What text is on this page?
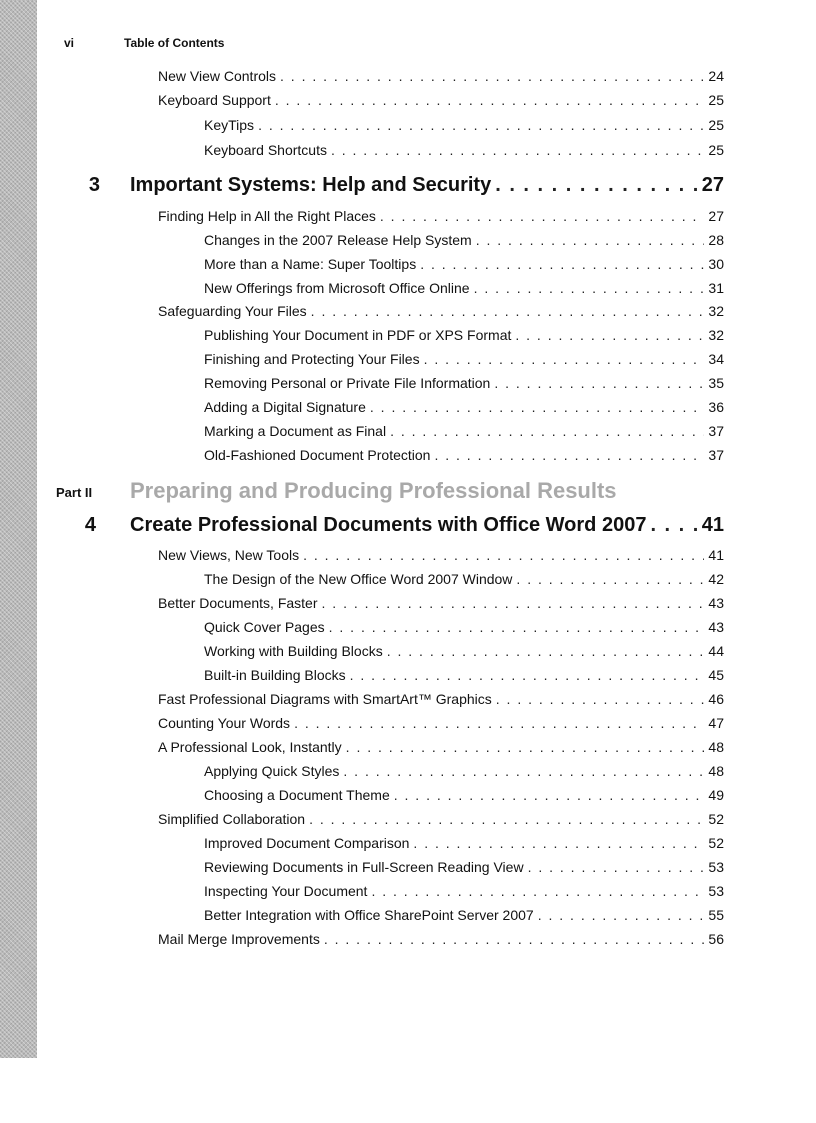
vi	Table of Contents
New View Controls . . .	24
Keyboard Support . . .	25
KeyTips . . .	25
Keyboard Shortcuts . . .	25
3 Important Systems: Help and Security . . .	27
Finding Help in All the Right Places . . .	27
Changes in the 2007 Release Help System . . .	28
More than a Name: Super Tooltips . . .	30
New Offerings from Microsoft Office Online . . .	31
Safeguarding Your Files . . .	32
Publishing Your Document in PDF or XPS Format . . .	32
Finishing and Protecting Your Files . . .	34
Removing Personal or Private File Information . . .	35
Adding a Digital Signature . . .	36
Marking a Document as Final . . .	37
Old-Fashioned Document Protection . . .	37
Part II Preparing and Producing Professional Results
4 Create Professional Documents with Office Word 2007 . . .	41
New Views, New Tools . . .	41
The Design of the New Office Word 2007 Window . . .	42
Better Documents, Faster . . .	43
Quick Cover Pages . . .	43
Working with Building Blocks . . .	44
Built-in Building Blocks . . .	45
Fast Professional Diagrams with SmartArt™ Graphics . . .	46
Counting Your Words . . .	47
A Professional Look, Instantly . . .	48
Applying Quick Styles . . .	48
Choosing a Document Theme . . .	49
Simplified Collaboration . . .	52
Improved Document Comparison . . .	52
Reviewing Documents in Full-Screen Reading View . . .	53
Inspecting Your Document . . .	53
Better Integration with Office SharePoint Server 2007 . . .	55
Mail Merge Improvements . . .	56
